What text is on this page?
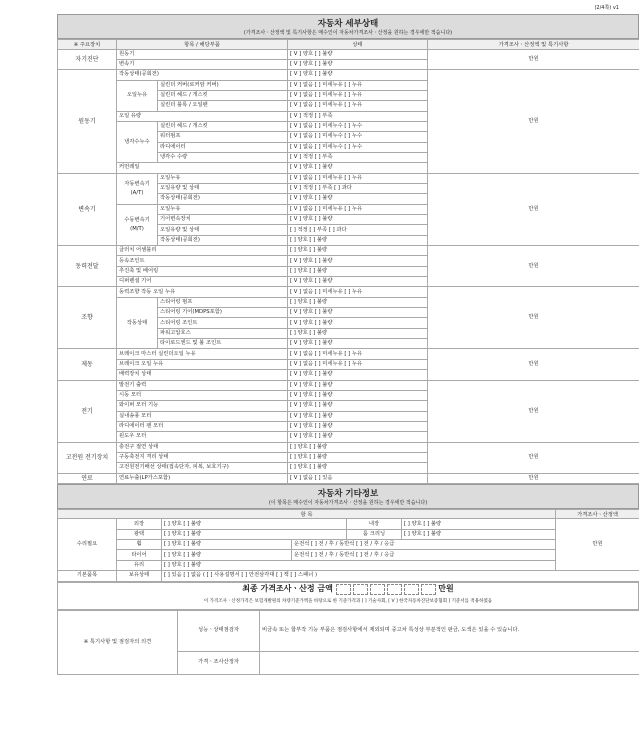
(2/4쪽) v1
자동차 세부상태
(가격조사ㆍ산정액 및 특기사항은 매수인이 자동차가격조사ㆍ산정을 원하는 경우에만 적습니다)
※ 주요장치	항목 / 해당부품		상태	가격조사ㆍ산정액 및 특기사항
자기진단	원동기		[ V ] 양호 [ ] 불량	만원
	변속기		[ V ] 양호 [ ] 불량	
원동기	작동상태(공회전)		[ V ] 양호 [ ] 불량	만원
	오일누유	실린더 커버(로커암 커버)	[ V ] 없음 [ ] 미세누유 [ ] 누유	
		실린더 헤드 / 개스킷	[ V ] 없음 [ ] 미세누유 [ ] 누유	
		실린더 블록 / 오일팬	[ V ] 없음 [ ] 미세누유 [ ] 누유	
	오일 유량		[ V ] 적정 [ ] 부족	
	냉각수누수	실린더 헤드 / 개스킷	[ V ] 없음 [ ] 미세누수 [ ] 누수	
		워터펌프	[ V ] 없음 [ ] 미세누수 [ ] 누수	
		라디에이터	[ V ] 없음 [ ] 미세누수 [ ] 누수	
		냉각수 수량	[ V ] 적정 [ ] 부족	
	커먼레일		[ V ] 양호 [ ] 불량	
변속기	자동변속기 (A/T)	오일누유	[ V ] 없음 [ ] 미세누유 [ ] 누유	만원
		오일유량 및 상태	[ V ] 적정 [ ] 부족 [ ] 과다	
		작동상태(공회전)	[ V ] 양호 [ ] 불량	
	수동변속기 (M/T)	오일누유	[ V ] 없음 [ ] 미세누유 [ ] 누유	
		기어변속장치	[ V ] 양호 [ ] 불량	
		오일유량 및 상태	[ ] 적정 [ ] 부족 [ ] 과다	
		작동상태(공회전)	[ ] 양호 [ ] 불량	
동력전달	클러치 어셈블리		[ ] 양호 [ ] 불량	만원
	등속조인트		[ V ] 양호 [ ] 불량	
	추진축 및 베어링		[ ] 양호 [ ] 불량	
	디퍼렌셜 기어		[ V ] 양호 [ ] 불량	
조향	동력조향 작동 오일 누유		[ V ] 없음 [ ] 미세누유 [ ] 누유	만원
	작동상태	스티어링 펌프	[ ] 양호 [ ] 불량	
		스티어링 기어(MDPS포함)	[ V ] 양호 [ ] 불량	
		스티어링 조인트	[ V ] 양호 [ ] 불량	
		파워고압호스	[ ] 양호 [ ] 불량	
		타이로드엔드 및 볼 조인트	[ V ] 양호 [ ] 불량	
제동	브레이크 마스터 실린더오일 누유		[ V ] 없음 [ ] 미세누유 [ ] 누유	만원
	브레이크 오일 누유		[ V ] 없음 [ ] 미세누유 [ ] 누유	
	배력장치 상태		[ V ] 양호 [ ] 불량	
전기	발전기 출력		[ V ] 양호 [ ] 불량	만원
	시동 모터		[ V ] 양호 [ ] 불량	
	와이퍼 모터 기능		[ V ] 양호 [ ] 불량	
	실내송풍 모터		[ V ] 양호 [ ] 불량	
	라디에이터 팬 모터		[ V ] 양호 [ ] 불량	
	윈도우 모터		[ V ] 양호 [ ] 불량	
고전원 전기장치	충전구 절연 상태		[ ] 양호 [ ] 불량	만원
	구동축전지 격리 상태		[ ] 양호 [ ] 불량	
	고전원전기배선 상태(접속단자, 피복, 보호기구)		[ ] 양호 [ ] 불량	
연료	연료누출(LP가스포함)		[ V ] 없음 [ ] 있음	만원
자동차 기타정보
(이 항목은 매수인이 자동차가격조사ㆍ산정을 원하는 경우에만 적습니다)
항 목						가격조사ㆍ산정액
수리필요	외장	[ ] 양호 [ ] 불량		내장	[ ] 양호 [ ] 불량	만원
	광택	[ ] 양호 [ ] 불량		룸 크리닝	[ ] 양호 [ ] 불량	
	휠	[ ] 양호 [ ] 불량	운전석 [ ] 전 / 후 / 동반석 [ ] 전 / 후 / 응급			

	타이어	[ ] 양호 [ ] 불량	운전석 [ ] 전 / 후 / 동반석 [ ] 전 / 후 / 응급			

	유리	[ ] 양호 [ ] 불량				
기본품목	보유상태	[ ] 있음 [ ] 없음 ( [ ] 사용설명서 [ ] 안전삼각대 [ ] 잭 [ ] 스패너 )				
최종 가격조사ㆍ산정 금액	만원
이 가격조사ㆍ산정가격은 보험개발원의 차량기준가액을 바탕으로 한 기준가격과 [ ] 기술사회, [ V ] 한국자동차진단보증협회 ] 기준서를 적용하였음
※ 특기사항 및 점검자의 의견	성능ㆍ상태점검자	비금속 또는 합부작 기능 부품은 점검사항에서 제외되며 중고차 특성상 부분적인 판금, 도색은 있을 수 있습니다.
	가격ㆍ조사산정자	
